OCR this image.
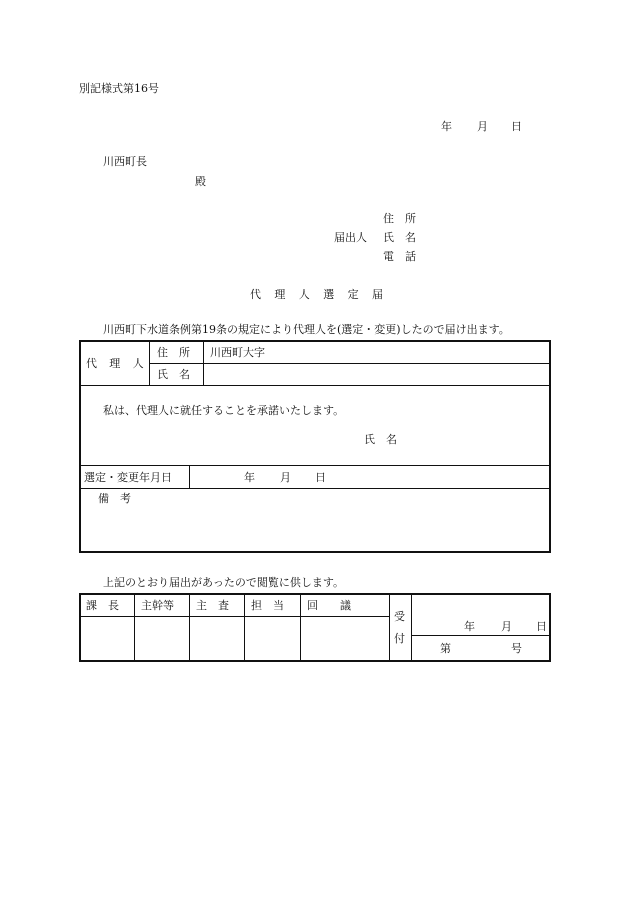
別記様式第16号
年 月 日
川西町長
殿
住　所
届出人 氏　名
電　話
代 理 人 選 定 届
川西町下水道条例第19条の規定により代理人を(選定・変更)したので届け出ます。
代 理 人
住　所 川西町大字
氏　名
私は、代理人に就任することを承諾いたします。
氏　名
選定・変更年月日	年 月 日
備　考
上記のとおり届出があったので閲覧に供します。
課　長 主幹等 主　査 担　当 回　　議
受
付
年 月 日
第	号
